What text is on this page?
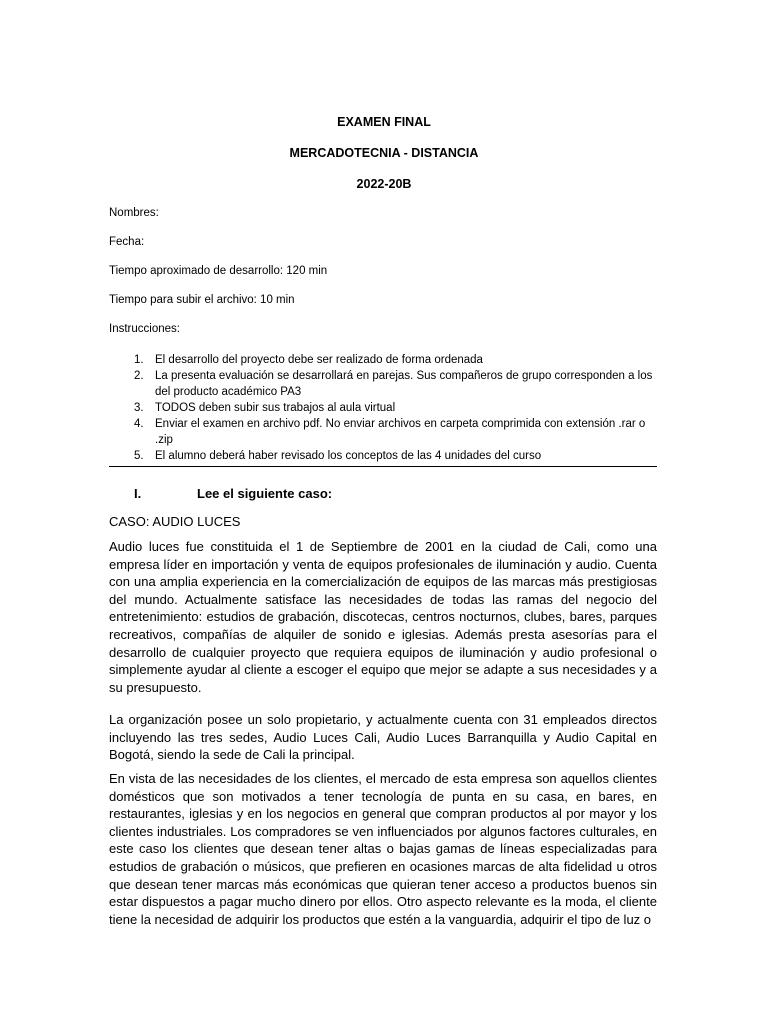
EXAMEN FINAL
MERCADOTECNIA - DISTANCIA
2022-20B
Nombres:
Fecha:
Tiempo aproximado de desarrollo: 120 min
Tiempo para subir el archivo: 10 min
Instrucciones:
1. El desarrollo del proyecto debe ser realizado de forma ordenada
2. La presenta evaluación se desarrollará en parejas. Sus compañeros de grupo corresponden a los del producto académico PA3
3. TODOS deben subir sus trabajos al aula virtual
4. Enviar el examen en archivo pdf. No enviar archivos en carpeta comprimida con extensión .rar o .zip
5. El alumno deberá haber revisado los conceptos de las 4 unidades del curso
I.	Lee el siguiente caso:
CASO: AUDIO LUCES

Audio luces fue constituida el 1 de Septiembre de 2001 en la ciudad de Cali, como una empresa líder en importación y venta de equipos profesionales de iluminación y audio. Cuenta con una amplia experiencia en la comercialización de equipos de las marcas más prestigiosas del mundo. Actualmente satisface las necesidades de todas las ramas del negocio del entretenimiento: estudios de grabación, discotecas, centros nocturnos, clubes, bares, parques recreativos, compañías de alquiler de sonido e iglesias. Además presta asesorías para el desarrollo de cualquier proyecto que requiera equipos de iluminación y audio profesional o simplemente ayudar al cliente a escoger el equipo que mejor se adapte a sus necesidades y a su presupuesto.

La organización posee un solo propietario, y actualmente cuenta con 31 empleados directos incluyendo las tres sedes, Audio Luces Cali, Audio Luces Barranquilla y Audio Capital en Bogotá, siendo la sede de Cali la principal.

En vista de las necesidades de los clientes, el mercado de esta empresa son aquellos clientes domésticos que son motivados a tener tecnología de punta en su casa, en bares, en restaurantes, iglesias y en los negocios en general que compran productos al por mayor y los clientes industriales. Los compradores se ven influenciados por algunos factores culturales, en este caso los clientes que desean tener altas o bajas gamas de líneas especializadas para estudios de grabación o músicos, que prefieren en ocasiones marcas de alta fidelidad u otros que desean tener marcas más económicas que quieran tener acceso a productos buenos sin estar dispuestos a pagar mucho dinero por ellos. Otro aspecto relevante es la moda, el cliente tiene la necesidad de adquirir los productos que estén a la vanguardia, adquirir el tipo de luz o
